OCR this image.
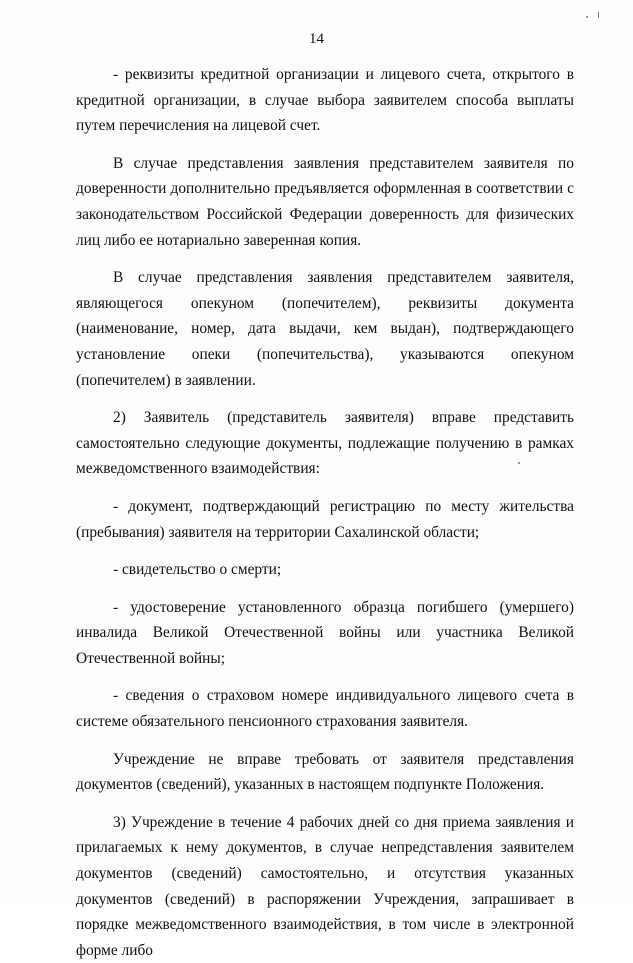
14

- реквизиты кредитной организации и лицевого счета, открытого в кредитной организации, в случае выбора заявителем способа выплаты путем перечисления на лицевой счет.

В случае представления заявления представителем заявителя по доверенности дополнительно предъявляется оформленная в соответствии с законодательством Российской Федерации доверенность для физических лиц либо ее нотариально заверенная копия.

В случае представления заявления представителем заявителя, являющегося опекуном (попечителем), реквизиты документа (наименование, номер, дата выдачи, кем выдан), подтверждающего установление опеки (попечительства), указываются опекуном (попечителем) в заявлении.

2) Заявитель (представитель заявителя) вправе представить самостоятельно следующие документы, подлежащие получению в рамках межведомственного взаимодействия:

- документ, подтверждающий регистрацию по месту жительства (пребывания) заявителя на территории Сахалинской области;

- свидетельство о смерти;

- удостоверение установленного образца погибшего (умершего) инвалида Великой Отечественной войны или участника Великой Отечественной войны;

- сведения о страховом номере индивидуального лицевого счета в системе обязательного пенсионного страхования заявителя.

Учреждение не вправе требовать от заявителя представления документов (сведений), указанных в настоящем подпункте Положения.

3) Учреждение в течение 4 рабочих дней со дня приема заявления и прилагаемых к нему документов, в случае непредставления заявителем документов (сведений) самостоятельно, и отсутствия указанных документов (сведений) в распоряжении Учреждения, запрашивает в порядке межведомственного взаимодействия, в том числе в электронной форме либо
